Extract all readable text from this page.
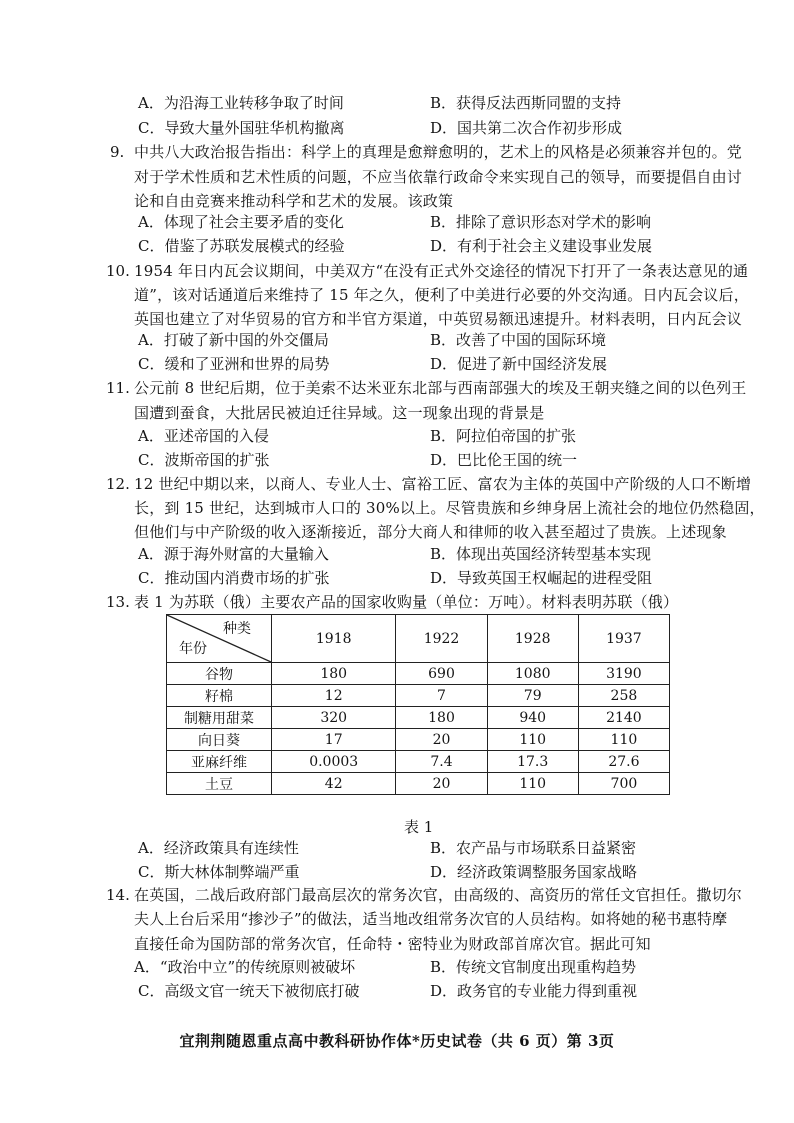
A．为沿海工业转移争取了时间	B．获得反法西斯同盟的支持
C．导致大量外国驻华机构撤离	D．国共第二次合作初步形成
9. 中共八大政治报告指出：科学上的真理是愈辩愈明的，艺术上的风格是必须兼容并包的。党
对于学术性质和艺术性质的问题，不应当依靠行政命令来实现自己的领导，而要提倡自由讨
论和自由竞赛来推动科学和艺术的发展。该政策
A．体现了社会主要矛盾的变化	B．排除了意识形态对学术的影响
C．借鉴了苏联发展模式的经验	D．有利于社会主义建设事业发展
10. 1954 年日内瓦会议期间，中美双方“在没有正式外交途径的情况下打开了一条表达意见的通
道”，该对话通道后来维持了 15 年之久，便利了中美进行必要的外交沟通。日内瓦会议后，
英国也建立了对华贸易的官方和半官方渠道，中英贸易额迅速提升。材料表明，日内瓦会议
A．打破了新中国的外交僵局	B．改善了中国的国际环境
C．缓和了亚洲和世界的局势	D．促进了新中国经济发展
11. 公元前 8 世纪后期，位于美索不达米亚东北部与西南部强大的埃及王朝夹缝之间的以色列王
国遭到蚕食，大批居民被迫迁往异域。这一现象出现的背景是
A．亚述帝国的入侵	B．阿拉伯帝国的扩张
C．波斯帝国的扩张	D．巴比伦王国的统一
12. 12 世纪中期以来，以商人、专业人士、富裕工匠、富农为主体的英国中产阶级的人口不断增
长，到 15 世纪，达到城市人口的 30%以上。尽管贵族和乡绅身居上流社会的地位仍然稳固，
但他们与中产阶级的收入逐渐接近，部分大商人和律师的收入甚至超过了贵族。上述现象
A．源于海外财富的大量输入	B．体现出英国经济转型基本实现
C．推动国内消费市场的扩张	D．导致英国王权崛起的进程受阻
13. 表 1 为苏联（俄）主要农产品的国家收购量（单位：万吨）。材料表明苏联（俄）
种类
年份	1918	1922	1928	1937
谷物	180	690	1080	3190
籽棉	12	7	79	258
制糖用甜菜	320	180	940	2140
向日葵	17	20	110	110
亚麻纤维	0.0003	7.4	17.3	27.6
土豆	42	20	110	700
表 1
A．经济政策具有连续性	B．农产品与市场联系日益紧密
C．斯大林体制弊端严重	D．经济政策调整服务国家战略
14. 在英国，二战后政府部门最高层次的常务次官，由高级的、高资历的常任文官担任。撒切尔
夫人上台后采用“掺沙子”的做法，适当地改组常务次官的人员结构。如将她的秘书惠特摩
直接任命为国防部的常务次官，任命特・密特业为财政部首席次官。据此可知
A．“政治中立”的传统原则被破坏	B．传统文官制度出现重构趋势
C．高级文官一统天下被彻底打破	D．政务官的专业能力得到重视
宜荆荆随恩重点高中教科研协作体*历史试卷（共 6 页）第 3页
